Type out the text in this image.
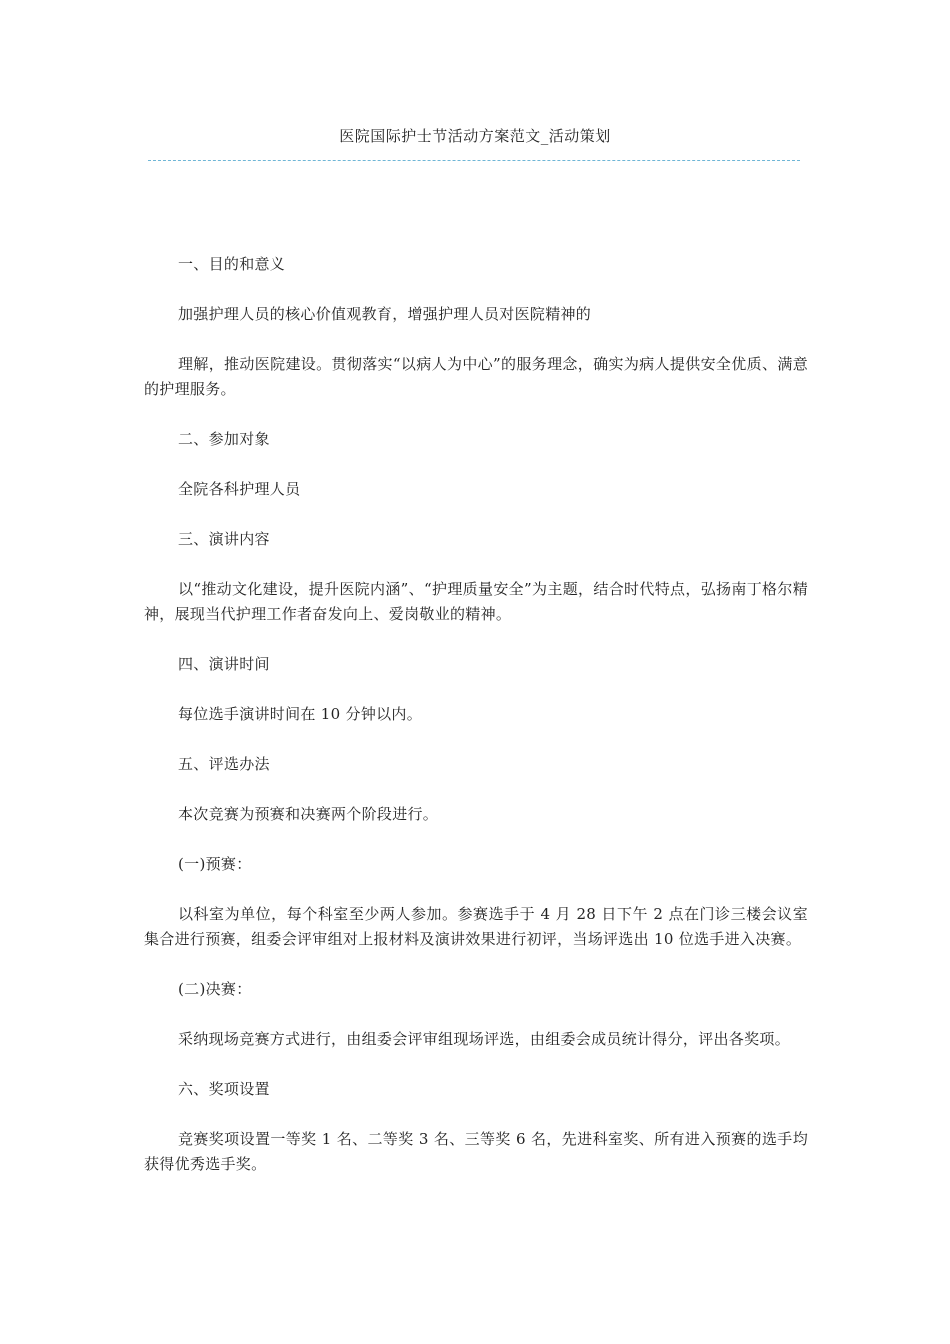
医院国际护士节活动方案范文_活动策划

一、目的和意义

加强护理人员的核心价值观教育，增强护理人员对医院精神的

理解，推动医院建设。贯彻落实“以病人为中心”的服务理念，确实为病人提供安全优质、满意的护理服务。

二、参加对象

全院各科护理人员

三、演讲内容

以“推动文化建设，提升医院内涵”、“护理质量安全”为主题，结合时代特点，弘扬南丁格尔精神，展现当代护理工作者奋发向上、爱岗敬业的精神。

四、演讲时间

每位选手演讲时间在 10 分钟以内。

五、评选办法

本次竞赛为预赛和决赛两个阶段进行。

(一)预赛：

以科室为单位，每个科室至少两人参加。参赛选手于 4 月 28 日下午 2 点在门诊三楼会议室集合进行预赛，组委会评审组对上报材料及演讲效果进行初评，当场评选出 10 位选手进入决赛。

(二)决赛：

采纳现场竞赛方式进行，由组委会评审组现场评选，由组委会成员统计得分，评出各奖项。

六、奖项设置

竞赛奖项设置一等奖 1 名、二等奖 3 名、三等奖 6 名，先进科室奖、所有进入预赛的选手均获得优秀选手奖。
